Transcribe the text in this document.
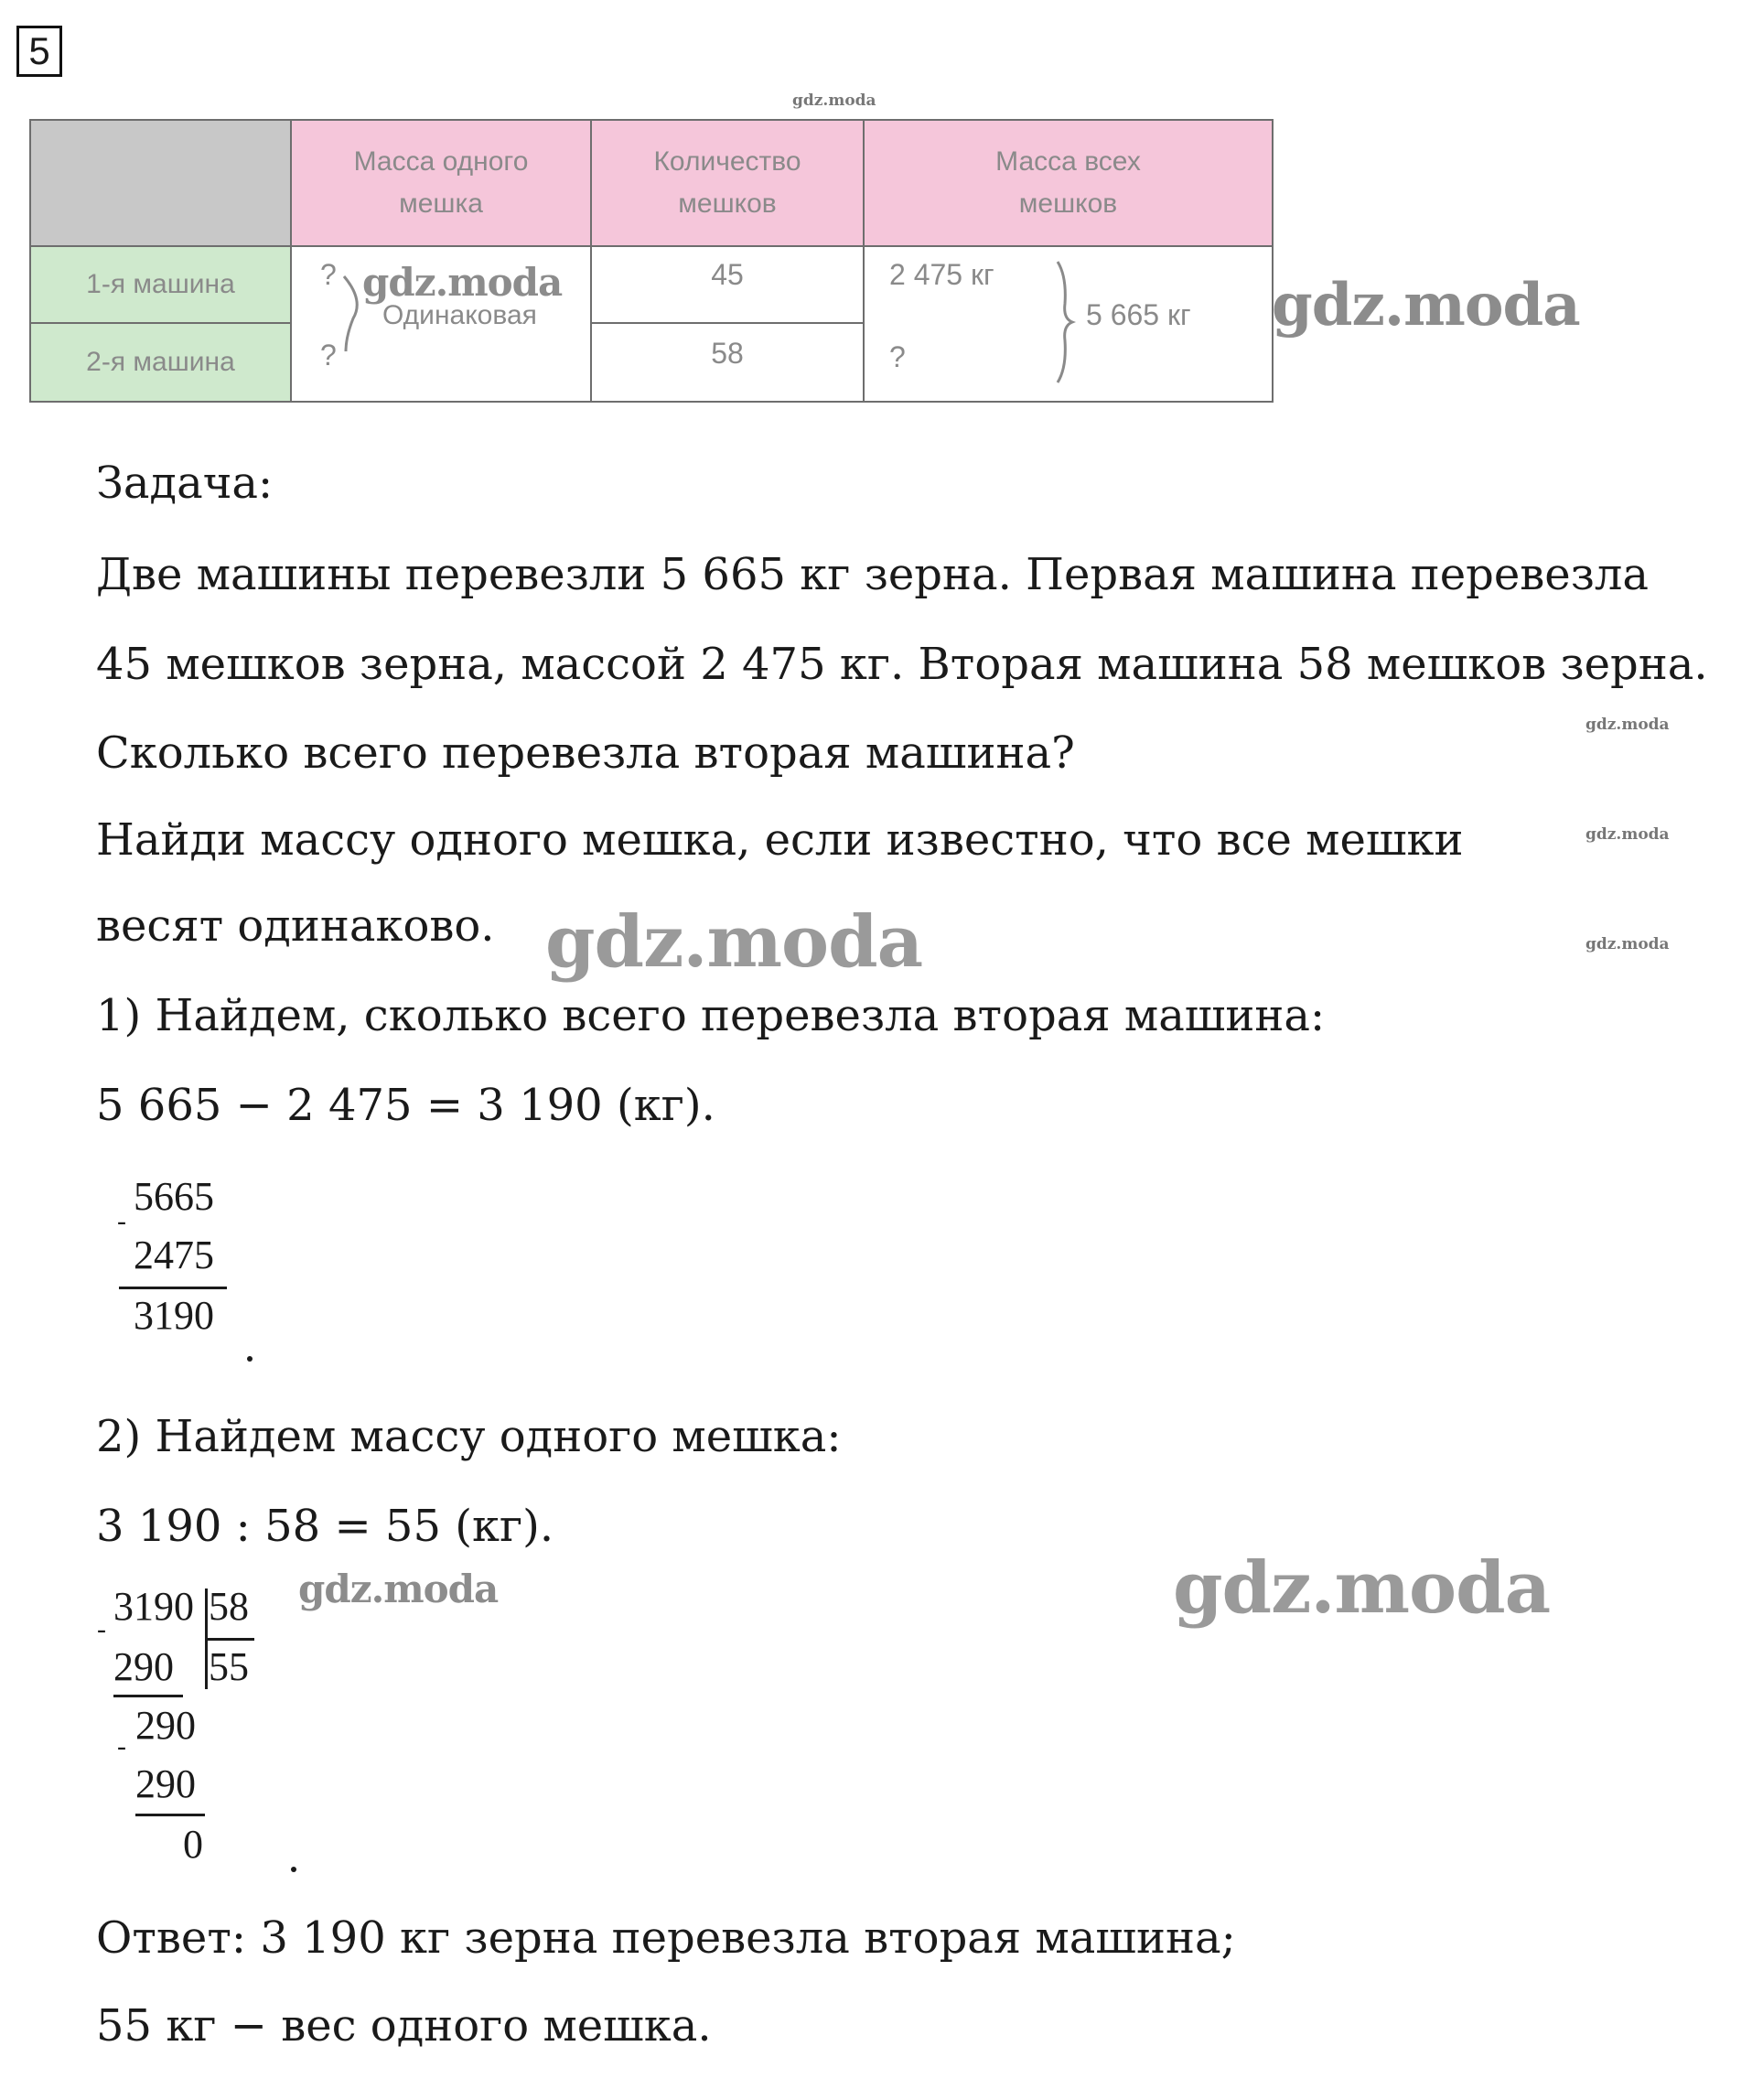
5
Масса одного мешка
Количество мешков
Масса всех мешков
1-я машина
2-я машина
?
?
Одинаковая
45
58
2 475 кг
?
5 665 кг
Задача:
Две машины перевезли 5 665 кг зерна. Первая машина перевезла
45 мешков зерна, массой 2 475 кг. Вторая машина 58 мешков зерна.
Сколько всего перевезла вторая машина?
Найди массу одного мешка, если известно, что все мешки
весят одинаково.
1) Найдем, сколько всего перевезла вторая машина:
5 665 − 2 475 = 3 190 (кг).
5665
-
2475
3190
2) Найдем массу одного мешка:
3 190 : 58 = 55 (кг).
3190 58
55
-
290
290
-
290
0
Ответ: 3 190 кг зерна перевезла вторая машина;
55 кг − вес одного мешка.
gdz.moda
gdz.moda	gdz.moda
gdz.moda
gdz.moda
gdz.moda
gdz.moda
gdz.moda	gdz.moda
